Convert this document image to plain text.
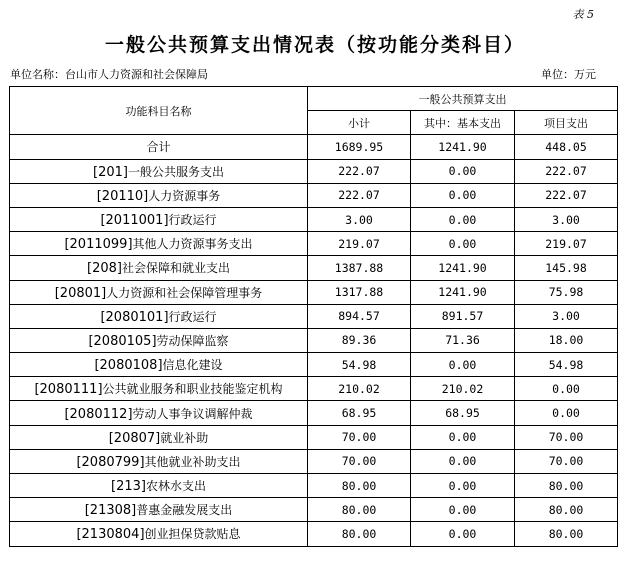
表 5
一般公共预算支出情况表（按功能分类科目）
单位名称：台山市人力资源和社会保障局	单位：万元
功能科目名称	一般公共预算支出		
	小计	其中：基本支出	项目支出
合计	1689.95	1241.90	448.05
[201]一般公共服务支出	222.07	0.00	222.07
[20110]人力资源事务	222.07	0.00	222.07
[2011001]行政运行	3.00	0.00	3.00
[2011099]其他人力资源事务支出	219.07	0.00	219.07
[208]社会保障和就业支出	1387.88	1241.90	145.98
[20801]人力资源和社会保障管理事务	1317.88	1241.90	75.98
[2080101]行政运行	894.57	891.57	3.00
[2080105]劳动保障监察	89.36	71.36	18.00
[2080108]信息化建设	54.98	0.00	54.98
[2080111]公共就业服务和职业技能鉴定机构	210.02	210.02	0.00
[2080112]劳动人事争议调解仲裁	68.95	68.95	0.00
[20807]就业补助	70.00	0.00	70.00
[2080799]其他就业补助支出	70.00	0.00	70.00
[213]农林水支出	80.00	0.00	80.00
[21308]普惠金融发展支出	80.00	0.00	80.00
[2130804]创业担保贷款贴息	80.00	0.00	80.00
